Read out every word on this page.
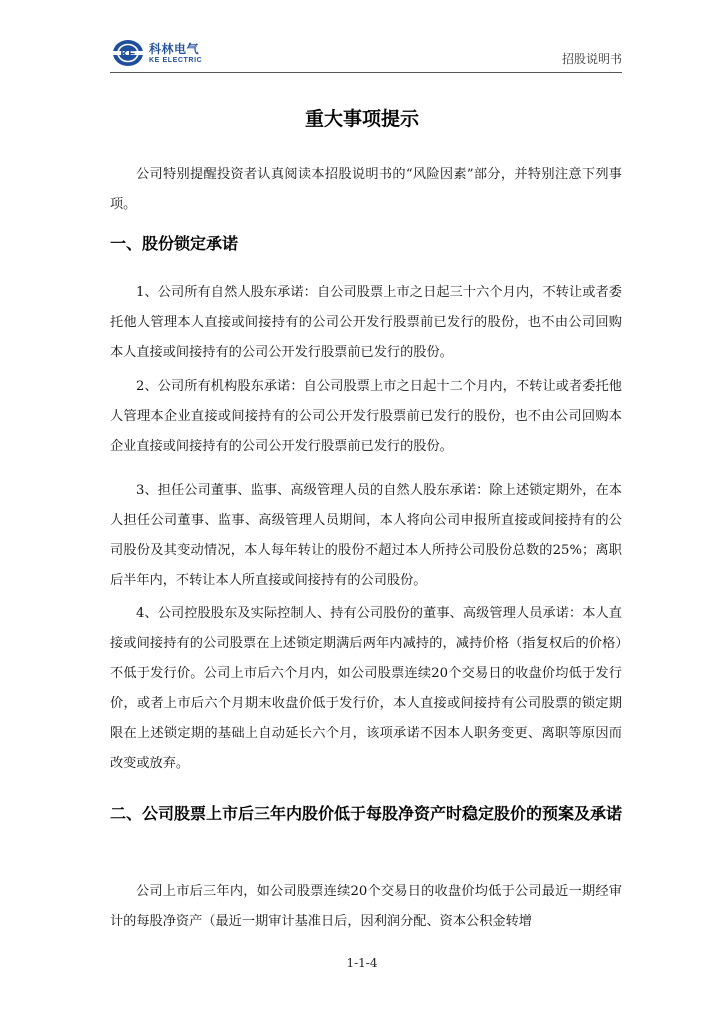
KE 科林电气
KE ELECTRIC	招股说明书
重大事项提示

公司特别提醒投资者认真阅读本招股说明书的“风险因素”部分，并特别注意下列事项。

一、股份锁定承诺

1、公司所有自然人股东承诺：自公司股票上市之日起三十六个月内，不转让或者委托他人管理本人直接或间接持有的公司公开发行股票前已发行的股份，也不由公司回购本人直接或间接持有的公司公开发行股票前已发行的股份。

2、公司所有机构股东承诺：自公司股票上市之日起十二个月内，不转让或者委托他人管理本企业直接或间接持有的公司公开发行股票前已发行的股份，也不由公司回购本企业直接或间接持有的公司公开发行股票前已发行的股份。

3、担任公司董事、监事、高级管理人员的自然人股东承诺：除上述锁定期外，在本人担任公司董事、监事、高级管理人员期间，本人将向公司申报所直接或间接持有的公司股份及其变动情况，本人每年转让的股份不超过本人所持公司股份总数的25%；离职后半年内，不转让本人所直接或间接持有的公司股份。

4、公司控股股东及实际控制人、持有公司股份的董事、高级管理人员承诺：本人直接或间接持有的公司股票在上述锁定期满后两年内减持的，减持价格（指复权后的价格）不低于发行价。公司上市后六个月内，如公司股票连续20个交易日的收盘价均低于发行价，或者上市后六个月期末收盘价低于发行价，本人直接或间接持有公司股票的锁定期限在上述锁定期的基础上自动延长六个月，该项承诺不因本人职务变更、离职等原因而改变或放弃。

二、公司股票上市后三年内股价低于每股净资产时稳定股价的预案及承诺

公司上市后三年内，如公司股票连续20个交易日的收盘价均低于公司最近一期经审计的每股净资产（最近一期审计基准日后，因利润分配、资本公积金转增

1-1-4
